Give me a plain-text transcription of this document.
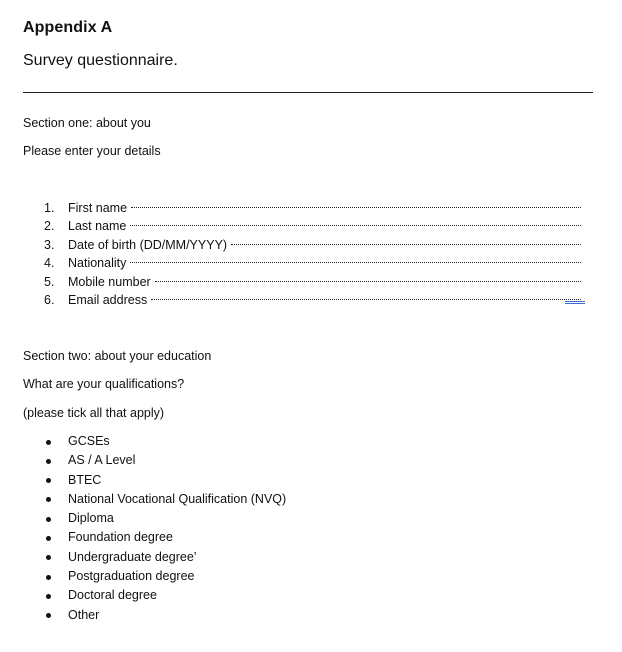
Appendix A
Survey questionnaire.

Section one: about you

Please enter your details

1.	First name
2.	Last name
3.	Date of birth (DD/MM/YYYY)
4.	Nationality
5.	Mobile number
6.	Email address

Section two: about your education

What are your qualifications?

(please tick all that apply)

GCSEs
AS / A Level
BTEC
National Vocational Qualification (NVQ)
Diploma
Foundation degree
Undergraduate degree’
Postgraduation degree
Doctoral degree
Other
